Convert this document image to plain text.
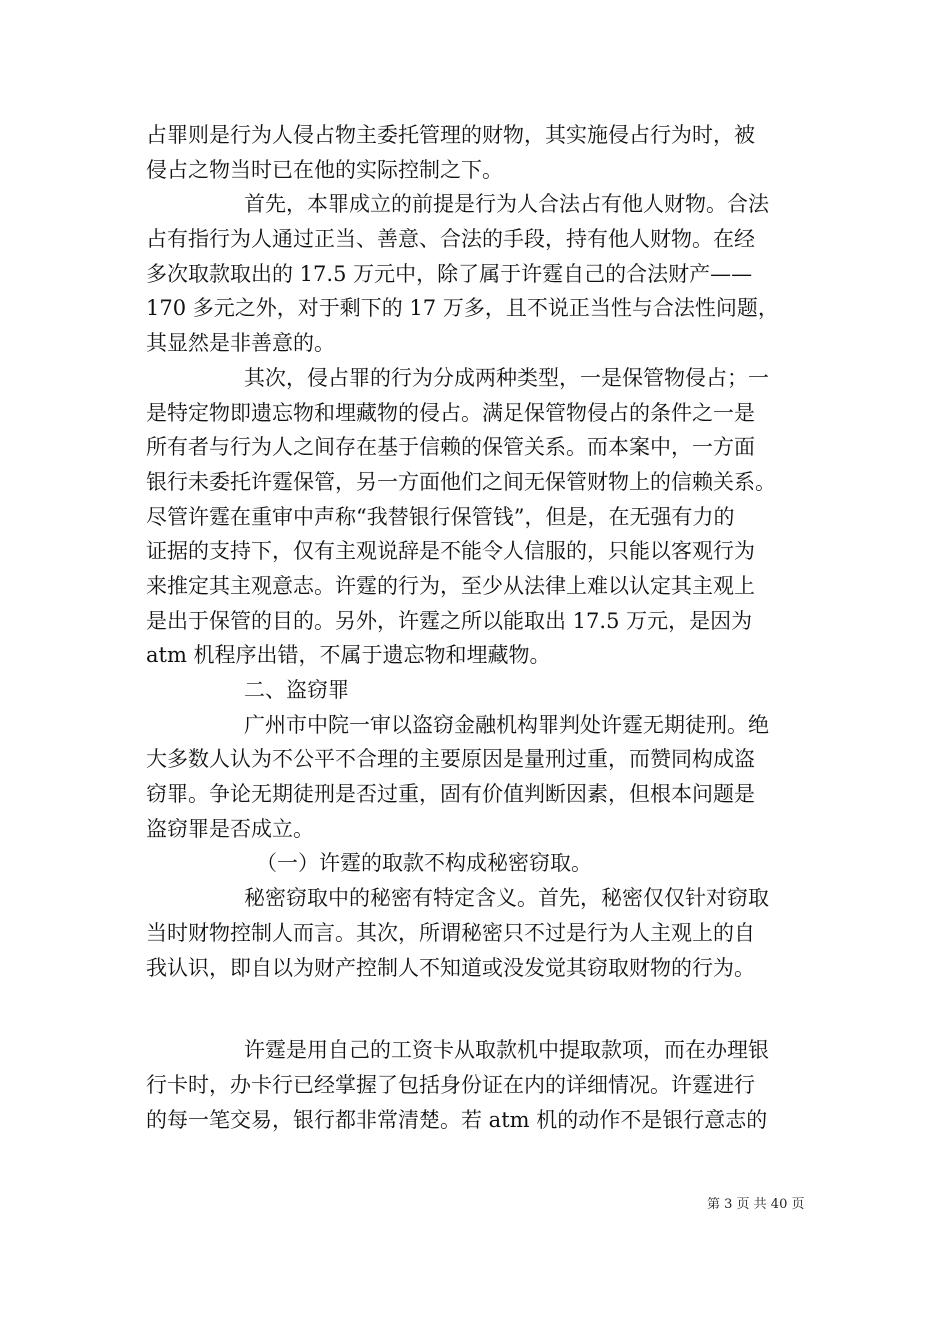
占罪则是行为人侵占物主委托管理的财物，其实施侵占行为时，被
侵占之物当时已在他的实际控制之下。
首先，本罪成立的前提是行为人合法占有他人财物。合法
占有指行为人通过正当、善意、合法的手段，持有他人财物。在经
多次取款取出的 17.5 万元中，除了属于许霆自己的合法财产——
170 多元之外，对于剩下的 17 万多，且不说正当性与合法性问题，
其显然是非善意的。
其次，侵占罪的行为分成两种类型，一是保管物侵占；一
是特定物即遗忘物和埋藏物的侵占。满足保管物侵占的条件之一是
所有者与行为人之间存在基于信赖的保管关系。而本案中，一方面
银行未委托许霆保管，另一方面他们之间无保管财物上的信赖关系。
尽管许霆在重审中声称“我替银行保管钱”，但是，在无强有力的
证据的支持下，仅有主观说辞是不能令人信服的，只能以客观行为
来推定其主观意志。许霆的行为，至少从法律上难以认定其主观上
是出于保管的目的。另外，许霆之所以能取出 17.5 万元，是因为
atm 机程序出错，不属于遗忘物和埋藏物。
二、盗窃罪
广州市中院一审以盗窃金融机构罪判处许霆无期徒刑。绝
大多数人认为不公平不合理的主要原因是量刑过重，而赞同构成盗
窃罪。争论无期徒刑是否过重，固有价值判断因素，但根本问题是
盗窃罪是否成立。
（一）许霆的取款不构成秘密窃取。
秘密窃取中的秘密有特定含义。首先，秘密仅仅针对窃取
当时财物控制人而言。其次，所谓秘密只不过是行为人主观上的自
我认识，即自以为财产控制人不知道或没发觉其窃取财物的行为。
许霆是用自己的工资卡从取款机中提取款项，而在办理银
行卡时，办卡行已经掌握了包括身份证在内的详细情况。许霆进行
的每一笔交易，银行都非常清楚。若 atm 机的动作不是银行意志的
第 3 页 共 40 页
